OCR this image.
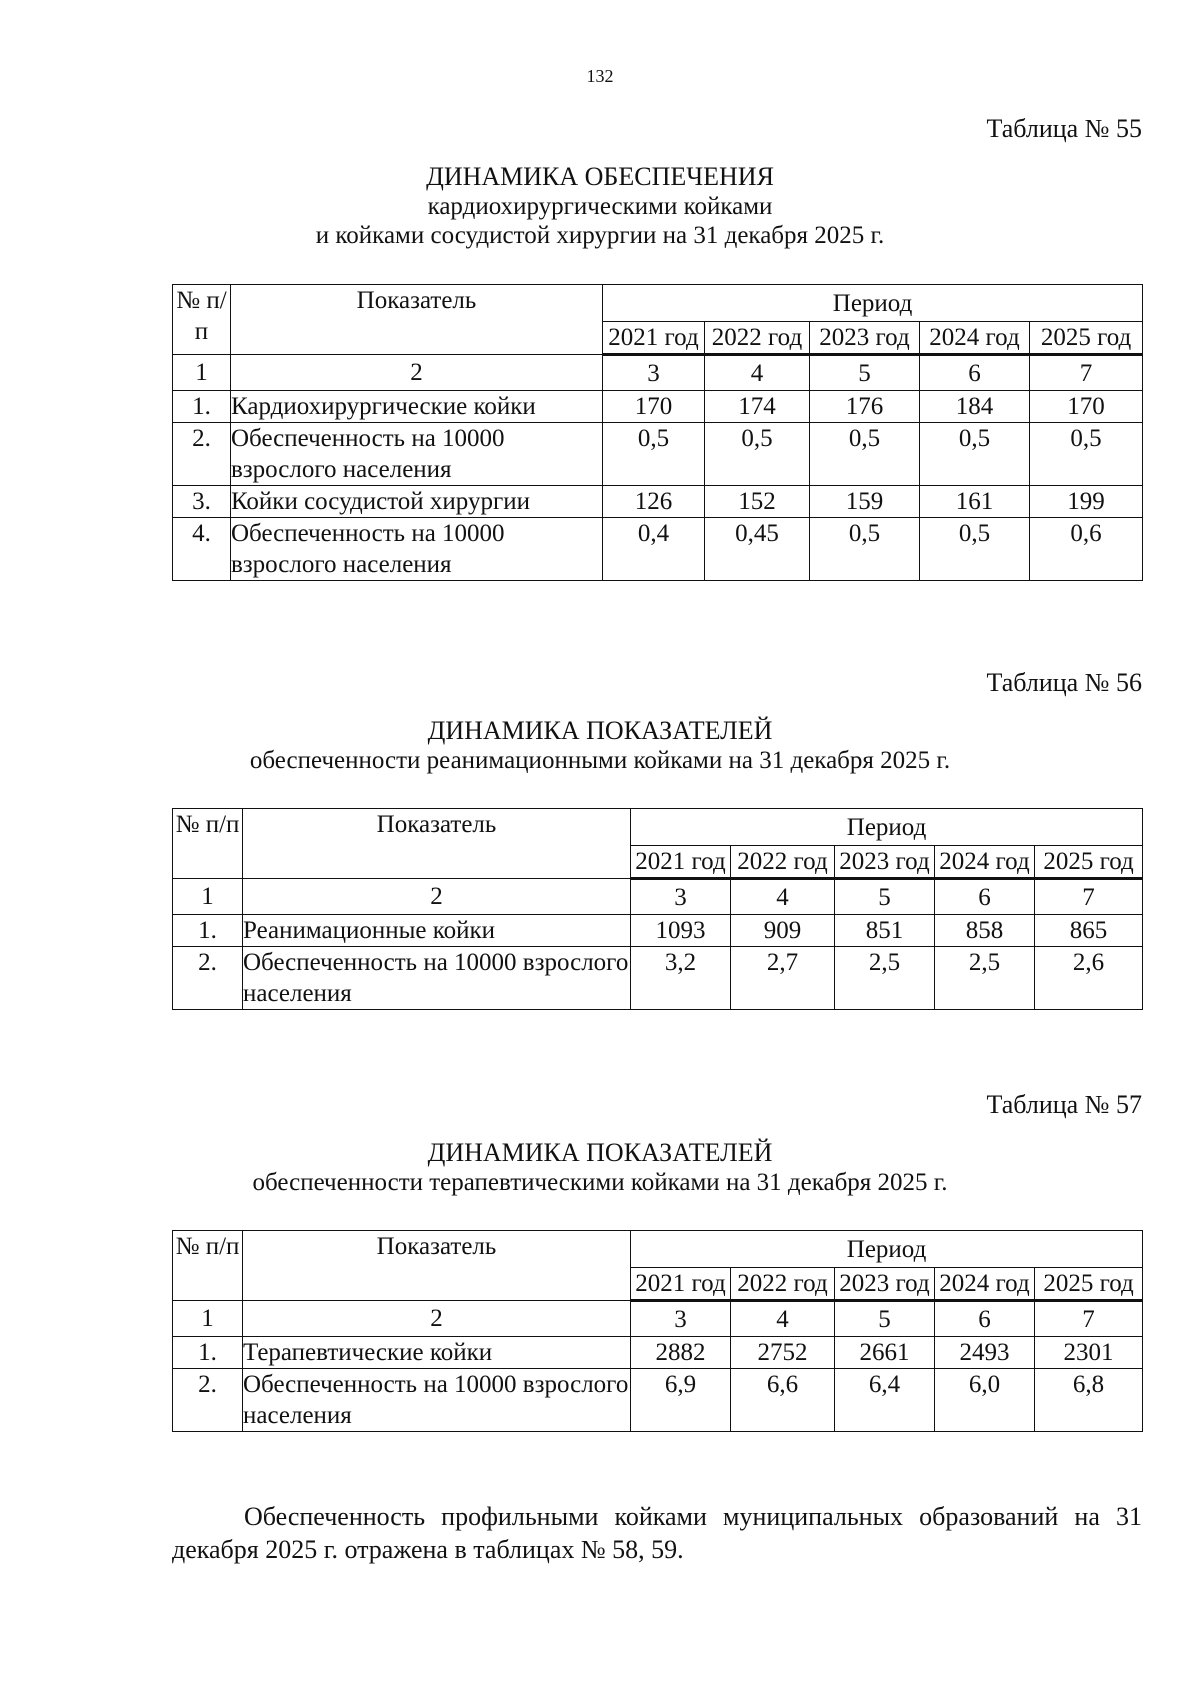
132
Таблица № 55
ДИНАМИКА ОБЕСПЕЧЕНИЯ
кардиохирургическими койками
и койками сосудистой хирургии на 31 декабря 2025 г.
№ п/п	Показатель	Период				
		2021 год	2022 год	2023 год	2024 год	2025 год
1	2	3	4	5	6	7
1.	Кардиохирургические койки	170	174	176	184	170
2.	Обеспеченность на 10000 взрослого населения	0,5	0,5	0,5	0,5	0,5
3.	Койки сосудистой хирургии	126	152	159	161	199
4.	Обеспеченность на 10000 взрослого населения	0,4	0,45	0,5	0,5	0,6
Таблица № 56
ДИНАМИКА ПОКАЗАТЕЛЕЙ
обеспеченности реанимационными койками на 31 декабря 2025 г.
№ п/п	Показатель	Период				
		2021 год	2022 год	2023 год	2024 год	2025 год
1	2	3	4	5	6	7
1.	Реанимационные койки	1093	909	851	858	865
2.	Обеспеченность на 10000 взрослого населения	3,2	2,7	2,5	2,5	2,6
Таблица № 57
ДИНАМИКА ПОКАЗАТЕЛЕЙ
обеспеченности терапевтическими койками на 31 декабря 2025 г.
№ п/п	Показатель	Период				
		2021 год	2022 год	2023 год	2024 год	2025 год
1	2	3	4	5	6	7
1.	Терапевтические койки	2882	2752	2661	2493	2301
2.	Обеспеченность на 10000 взрослого населения	6,9	6,6	6,4	6,0	6,8
Обеспеченность профильными койками муниципальных образований на 31 декабря 2025 г. отражена в таблицах № 58, 59.
